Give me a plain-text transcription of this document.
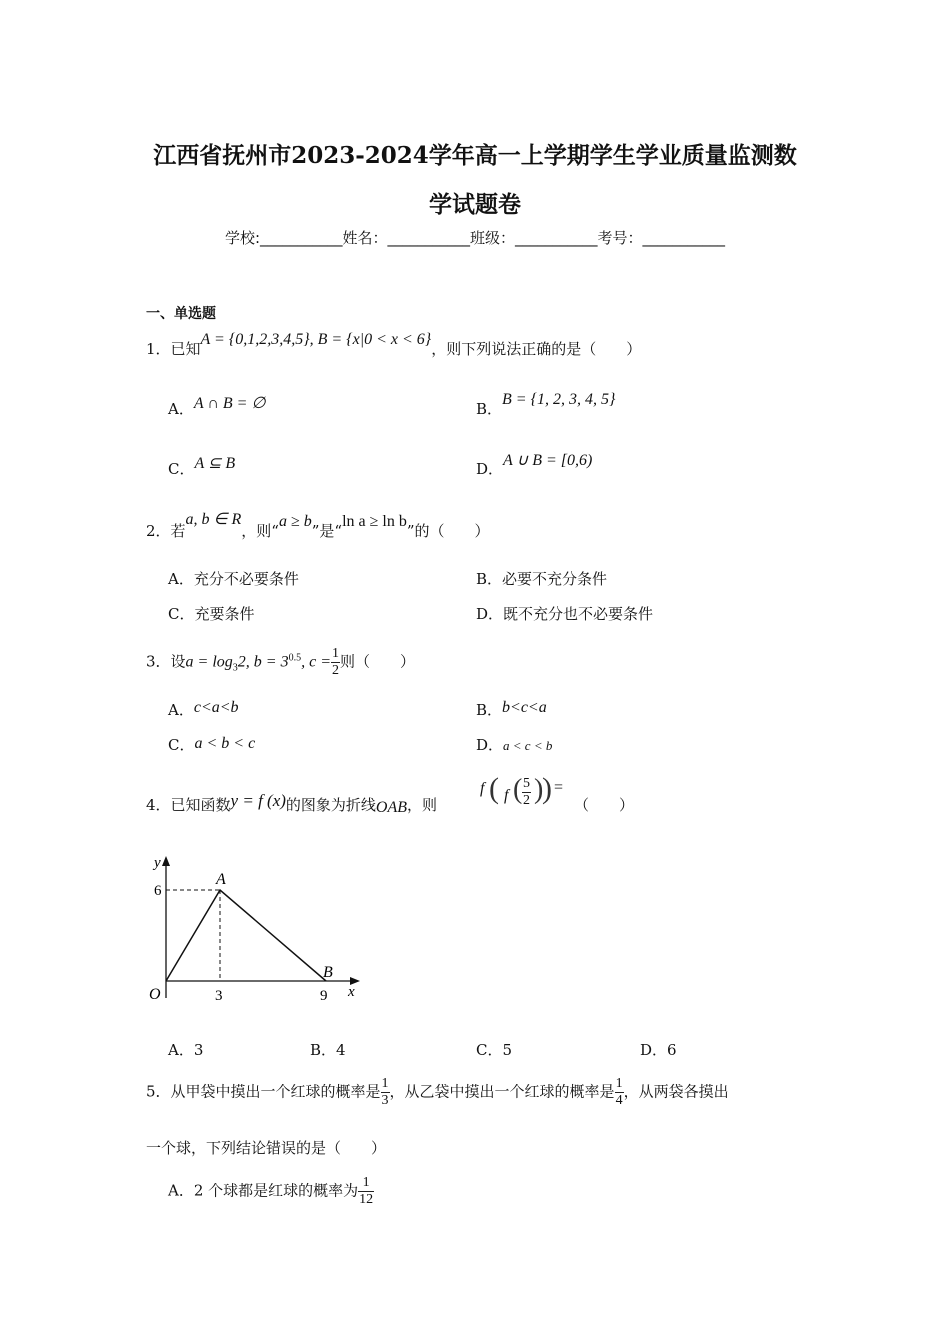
江西省抚州市2023-2024学年高一上学期学生学业质量监测数
学试题卷
学校:___________姓名：___________班级：___________考号：___________
一、单选题
1．已知A = {0,1,2,3,4,5}, B = {x|0 < x < 6}，则下列说法正确的是（　　）
A．A ∩ B = ∅	B．B = {1, 2, 3, 4, 5}
C．A ⊆ B	D．A ∪ B = [0,6)
2．若a, b ∈ R，则“a ≥ b”是“ln a ≥ ln b”的（　　）
A．充分不必要条件	B．必要不充分条件
C．充要条件	D．既不充分也不必要条件
3．设$a = \log_32$, $b = 3^{0.5}$, $c = \frac{1}{2}$ 则（　　）
A．c<a<b	B．b<c<a
C．a < b < c	D．a < c < b
4．已知函数y = f (x)的图象为折线OAB，则
f ( f ( $\frac{5}{2}$ )
) =
（　　）
y
x
O
A
B
6
3	9
A．3	B．4	C．5	D．6
5．从甲袋中摸出一个红球的概率是 $\frac{1}{3}$ ，从乙袋中摸出一个红球的概率是 $\frac{1}{4}$ ，从两袋各摸出
一个球，下列结论错误的是（　　）
A．2 个球都是红球的概率为 $\frac{1}{12}$
